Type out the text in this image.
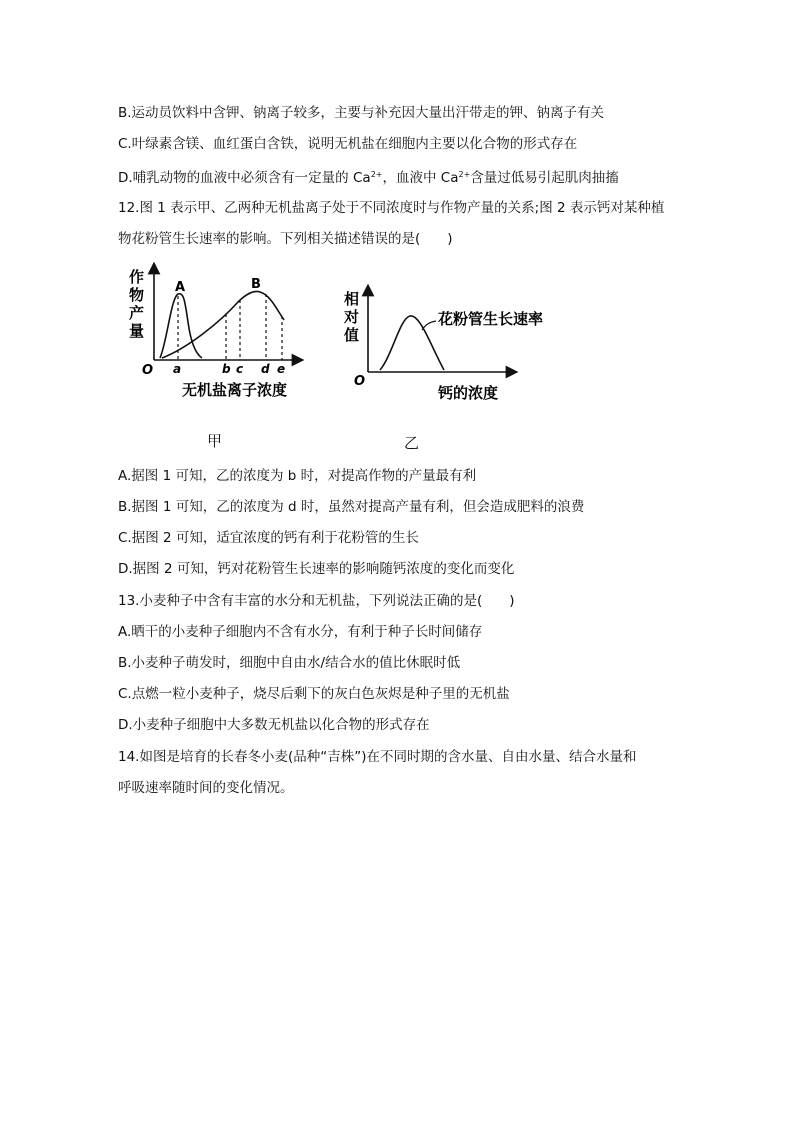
B.运动员饮料中含钾、钠离子较多，主要与补充因大量出汗带走的钾、钠离子有关
C.叶绿素含镁、血红蛋白含铁，说明无机盐在细胞内主要以化合物的形式存在
D.哺乳动物的血液中必须含有一定量的 $Ca^{2+}$，血液中 $Ca^{2+}$含量过低易引起肌肉抽搐
12.图 1 表示甲、乙两种无机盐离子处于不同浓度时与作物产量的关系;图 2 表示钙对某种植
物花粉管生长速率的影响。下列相关描述错误的是(　　)
作
物
产
量
O
A	B
a	b c d e
无机盐离子浓度
相
对
值
O
花粉管生长速率
钙的浓度
甲	乙
A.据图 1 可知，乙的浓度为 b 时，对提高作物的产量最有利
B.据图 1 可知，乙的浓度为 d 时，虽然对提高产量有利，但会造成肥料的浪费
C.据图 2 可知，适宜浓度的钙有利于花粉管的生长
D.据图 2 可知，钙对花粉管生长速率的影响随钙浓度的变化而变化
13.小麦种子中含有丰富的水分和无机盐，下列说法正确的是(　　)
A.晒干的小麦种子细胞内不含有水分，有利于种子长时间储存
B.小麦种子萌发时，细胞中自由水/结合水的值比休眠时低
C.点燃一粒小麦种子，烧尽后剩下的灰白色灰烬是种子里的无机盐
D.小麦种子细胞中大多数无机盐以化合物的形式存在
14.如图是培育的长春冬小麦(品种“吉株”)在不同时期的含水量、自由水量、结合水量和
呼吸速率随时间的变化情况。
